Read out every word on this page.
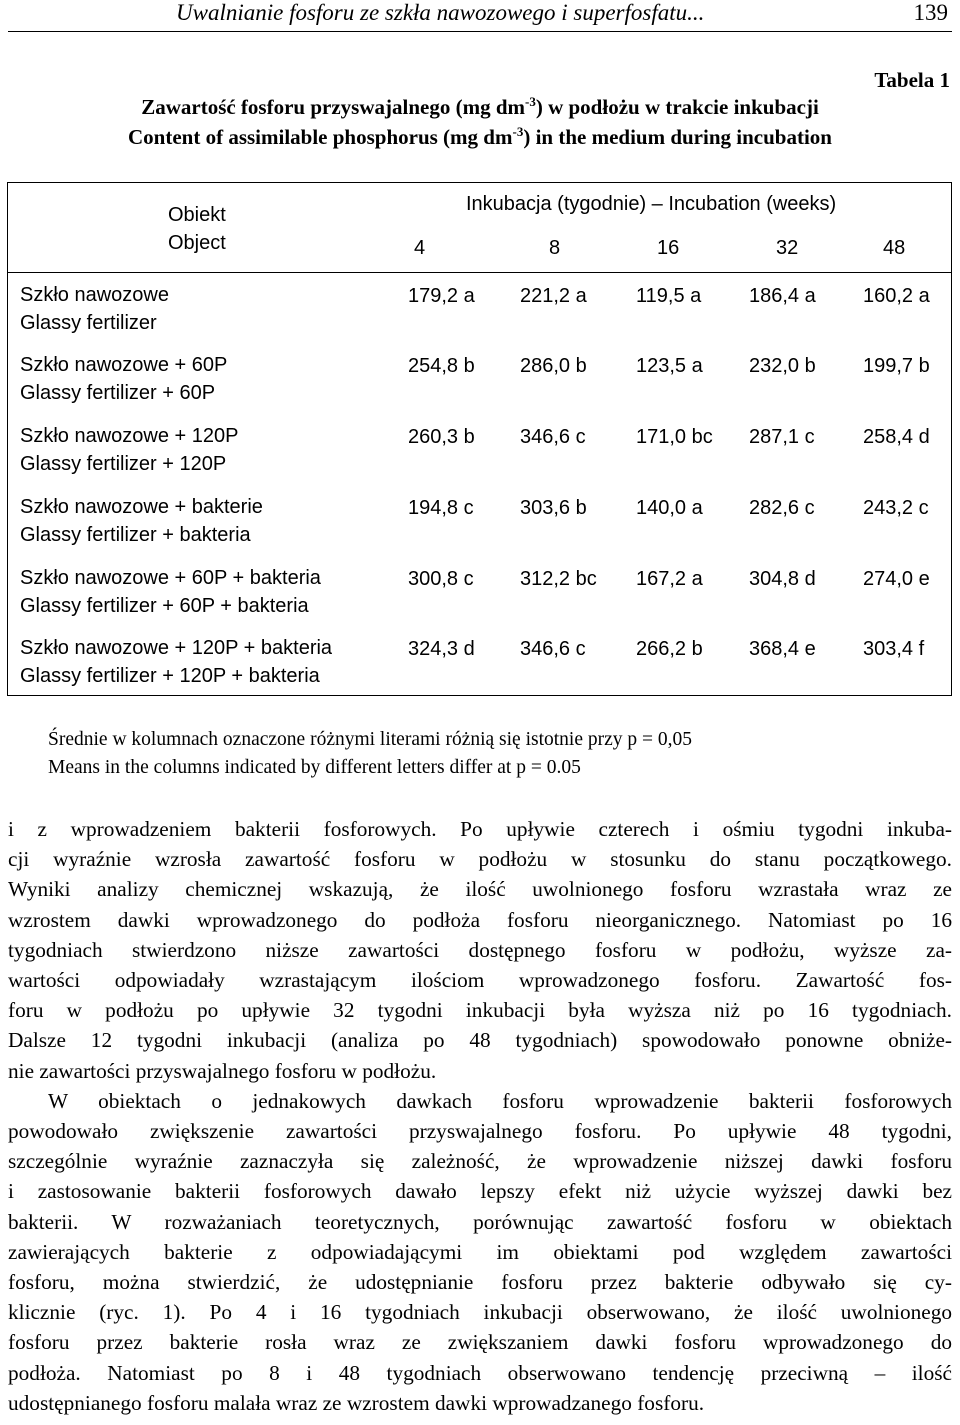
Uwalnianie fosforu ze szkła nawozowego i superfosfatu...	139
Tabela 1
Zawartość fosforu przyswajalnego (mg $dm^{-3}$) w podłożu w trakcie inkubacji
Content of assimilable phosphorus (mg $dm^{-3}$) in the medium during incubation
Obiekt
Object
Inkubacja (tygodnie) – Incubation (weeks)
4	8	16	32	48
Szkło nawozowe
Glassy fertilizer
179,2 a 221,2 a 119,5 a 186,4 a 160,2 a
Szkło nawozowe + 60P
Glassy fertilizer + 60P
254,8 b 286,0 b 123,5 a 232,0 b 199,7 b
Szkło nawozowe + 120P
Glassy fertilizer + 120P
260,3 b 346,6 c	171,0 bc 287,1 c 258,4 d
Szkło nawozowe + bakterie
Glassy fertilizer + bakteria
194,8 c 303,6 b 140,0 a 282,6 c 243,2 c
Szkło nawozowe + 60P + bakteria
Glassy fertilizer + 60P + bakteria
300,8 c 312,2 bc 167,2 a 304,8 d 274,0 e
Szkło nawozowe + 120P + bakteria
Glassy fertilizer + 120P + bakteria
324,3 d 346,6 c	266,2 b 368,4 e 303,4 f
Średnie w kolumnach oznaczone różnymi literami różnią się istotnie przy p = 0,05
Means in the columns indicated by different letters differ at p = 0.05

i z wprowadzeniem bakterii fosforowych. Po upływie czterech i ośmiu tygodni inkuba-

cji wyraźnie wzrosła zawartość fosforu w podłożu w stosunku do stanu początkowego.

Wyniki analizy chemicznej wskazują, że ilość uwolnionego fosforu wzrastała wraz ze

wzrostem dawki wprowadzonego do podłoża fosforu nieorganicznego. Natomiast po 16

tygodniach stwierdzono niższe zawartości dostępnego fosforu w podłożu, wyższe za-

wartości odpowiadały wzrastającym ilościom wprowadzonego fosforu. Zawartość fos-

foru w podłożu po upływie 32 tygodni inkubacji była wyższa niż po 16 tygodniach.

Dalsze 12 tygodni inkubacji (analiza po 48 tygodniach) spowodowało ponowne obniże-

nie zawartości przyswajalnego fosforu w podłożu.

W obiektach o jednakowych dawkach fosforu wprowadzenie bakterii fosforowych

powodowało zwiększenie zawartości przyswajalnego fosforu. Po upływie 48 tygodni,

szczególnie wyraźnie zaznaczyła się zależność, że wprowadzenie niższej dawki fosforu

i zastosowanie bakterii fosforowych dawało lepszy efekt niż użycie wyższej dawki bez

bakterii. W rozważaniach teoretycznych, porównując zawartość fosforu w obiektach

zawierających bakterie z odpowiadającymi im obiektami pod względem zawartości

fosforu, można stwierdzić, że udostępnianie fosforu przez bakterie odbywało się cy-

klicznie (ryc. 1). Po 4 i 16 tygodniach inkubacji obserwowano, że ilość uwolnionego

fosforu przez bakterie rosła wraz ze zwiększaniem dawki fosforu wprowadzonego do

podłoża. Natomiast po 8 i 48 tygodniach obserwowano tendencję przeciwną – ilość

udostępnianego fosforu malała wraz ze wzrostem dawki wprowadzanego fosforu.
